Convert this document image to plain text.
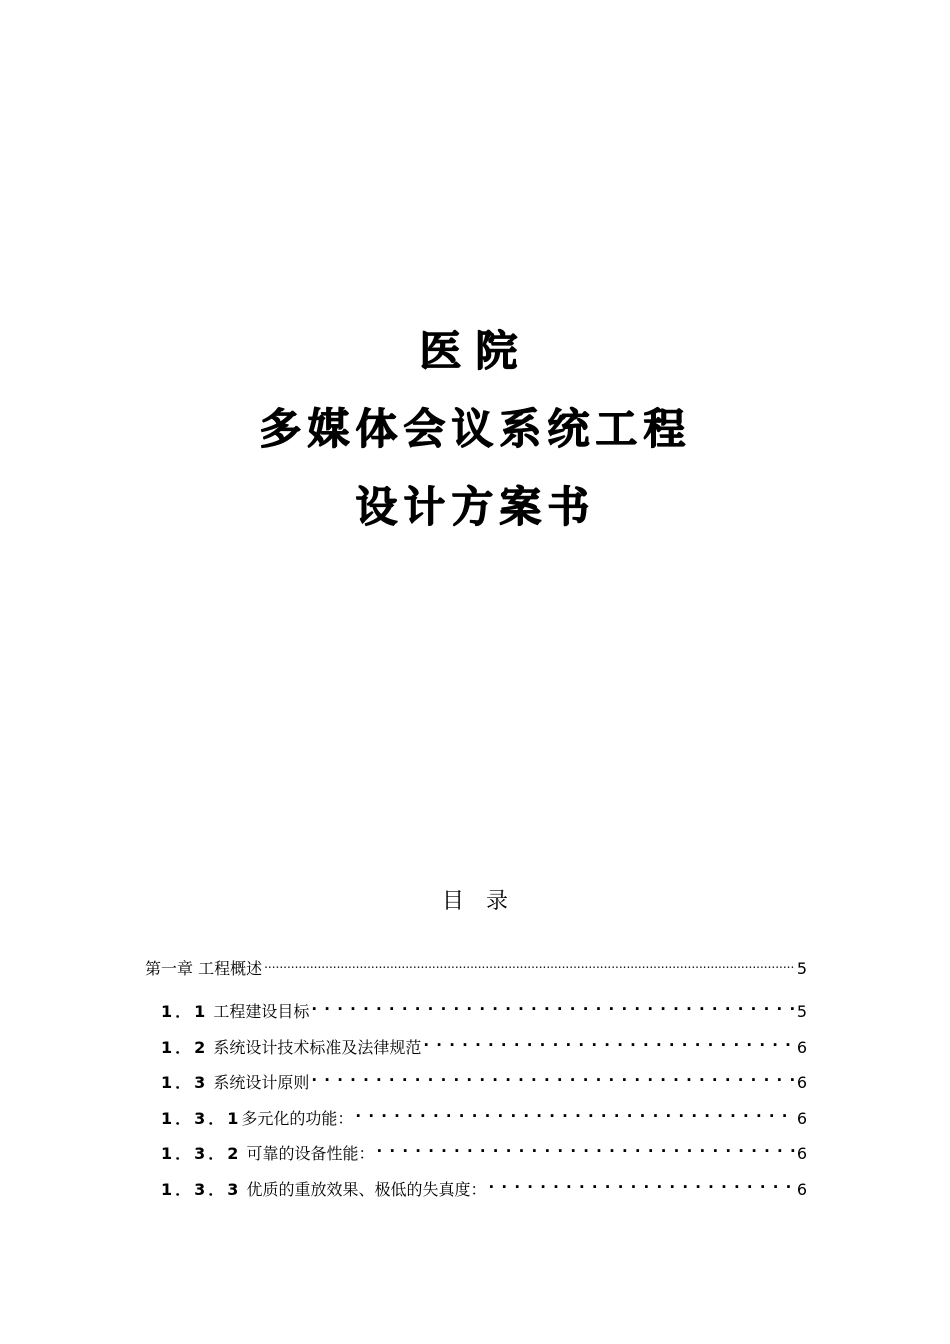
医院
多媒体会议系统工程
设计方案书
目录
第一章 工程概述 .....	5
1．1 工程建设目标 . . .	5
1．2 系统设计技术标准及法律规范 . . .	6
1．3 系统设计原则 . . .	6
1．3．1多元化的功能： . . .	6
1．3．2 可靠的设备性能： . . .	6
1．3．3 优质的重放效果、极低的失真度： . . .	6
